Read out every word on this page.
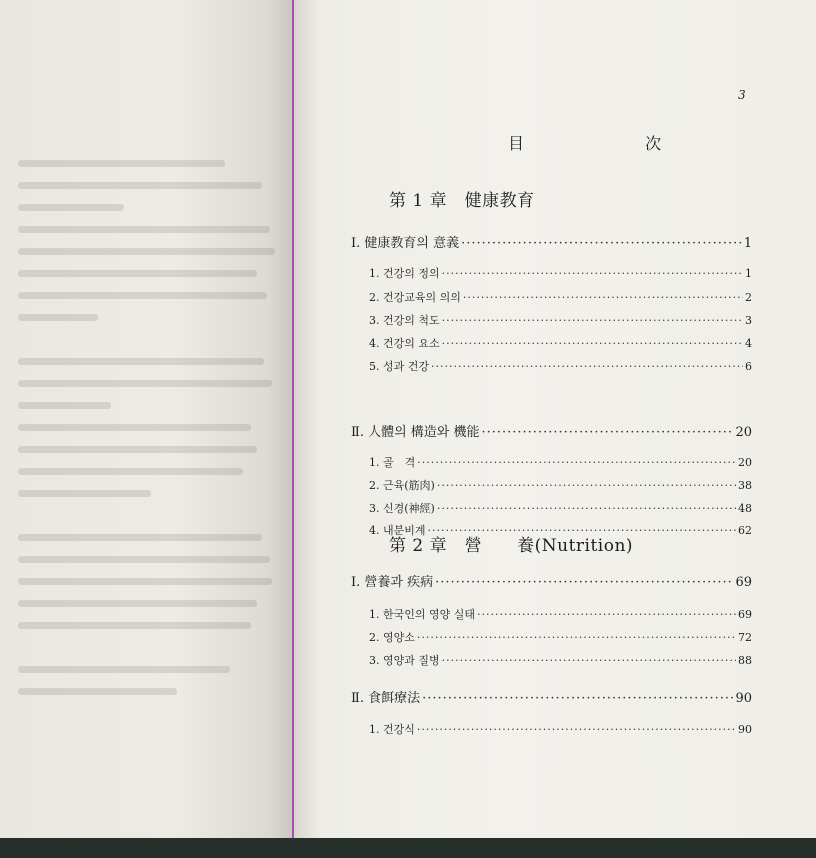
3
目 次
第 1 章　健康教育
Ⅰ. 健康教育의 意義 ·····	1
1. 건강의 정의 ·····	1
2. 건강교육의 의의 ·····	2
3. 건강의 척도 ·····	3
4. 건강의 요소 ·····	4
5. 성과 건강 ·····	6
Ⅱ. 人體의 構造와 機能 ·····	20
1. 골　격 ·····	20
2. 근육(筋肉) ·····	38
3. 신경(神經) ·····	48
4. 내분비계 ·····	62
第 2 章　營　　養(Nutrition)
Ⅰ. 營養과 疾病 ·····	69
1. 한국인의 영양 실태 ·····	69
2. 영양소 ·····	72
3. 영양과 질병 ·····	88
Ⅱ. 食餌療法 ·····	90
1. 건강식 ·····	90
